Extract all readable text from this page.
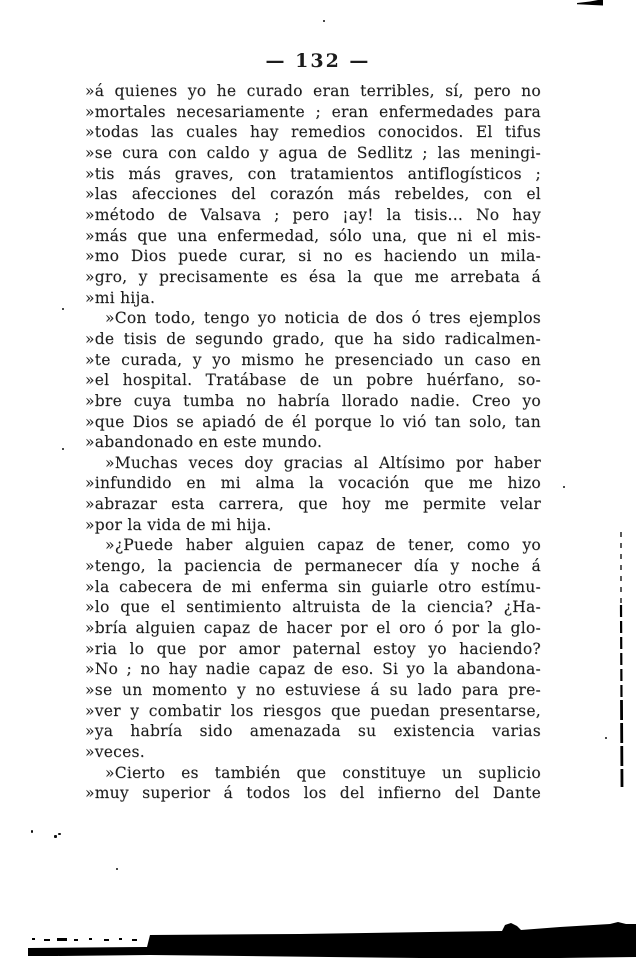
— 132 —
»á quienes yo he curado eran terribles, sí, pero no
»mortales necesariamente ; eran enfermedades para
»todas las cuales hay remedios conocidos. El tifus
»se cura con caldo y agua de Sedlitz ; las meningi-
»tis más graves, con tratamientos antiflogísticos ;
»las afecciones del corazón más rebeldes, con el
»método de Valsava ; pero ¡ay! la tisis... No hay
»más que una enfermedad, sólo una, que ni el mis-
»mo Dios puede curar, si no es haciendo un mila-
»gro, y precisamente es ésa la que me arrebata á
»mi hija.
»Con todo, tengo yo noticia de dos ó tres ejemplos
»de tisis de segundo grado, que ha sido radicalmen-
»te curada, y yo mismo he presenciado un caso en
»el hospital. Tratábase de un pobre huérfano, so-
»bre cuya tumba no habría llorado nadie. Creo yo
»que Dios se apiadó de él porque lo vió tan solo, tan
»abandonado en este mundo.
»Muchas veces doy gracias al Altísimo por haber
»infundido en mi alma la vocación que me hizo
»abrazar esta carrera, que hoy me permite velar
»por la vida de mi hija.
»¿Puede haber alguien capaz de tener, como yo
»tengo, la paciencia de permanecer día y noche á
»la cabecera de mi enferma sin guiarle otro estímu-
»lo que el sentimiento altruista de la ciencia? ¿Ha-
»bría alguien capaz de hacer por el oro ó por la glo-
»ria lo que por amor paternal estoy yo haciendo?
»No ; no hay nadie capaz de eso. Si yo la abandona-
»se un momento y no estuviese á su lado para pre-
»ver y combatir los riesgos que puedan presentarse,
»ya habría sido amenazada su existencia varias
»veces.
»Cierto es también que constituye un suplicio
»muy superior á todos los del infierno del Dante
